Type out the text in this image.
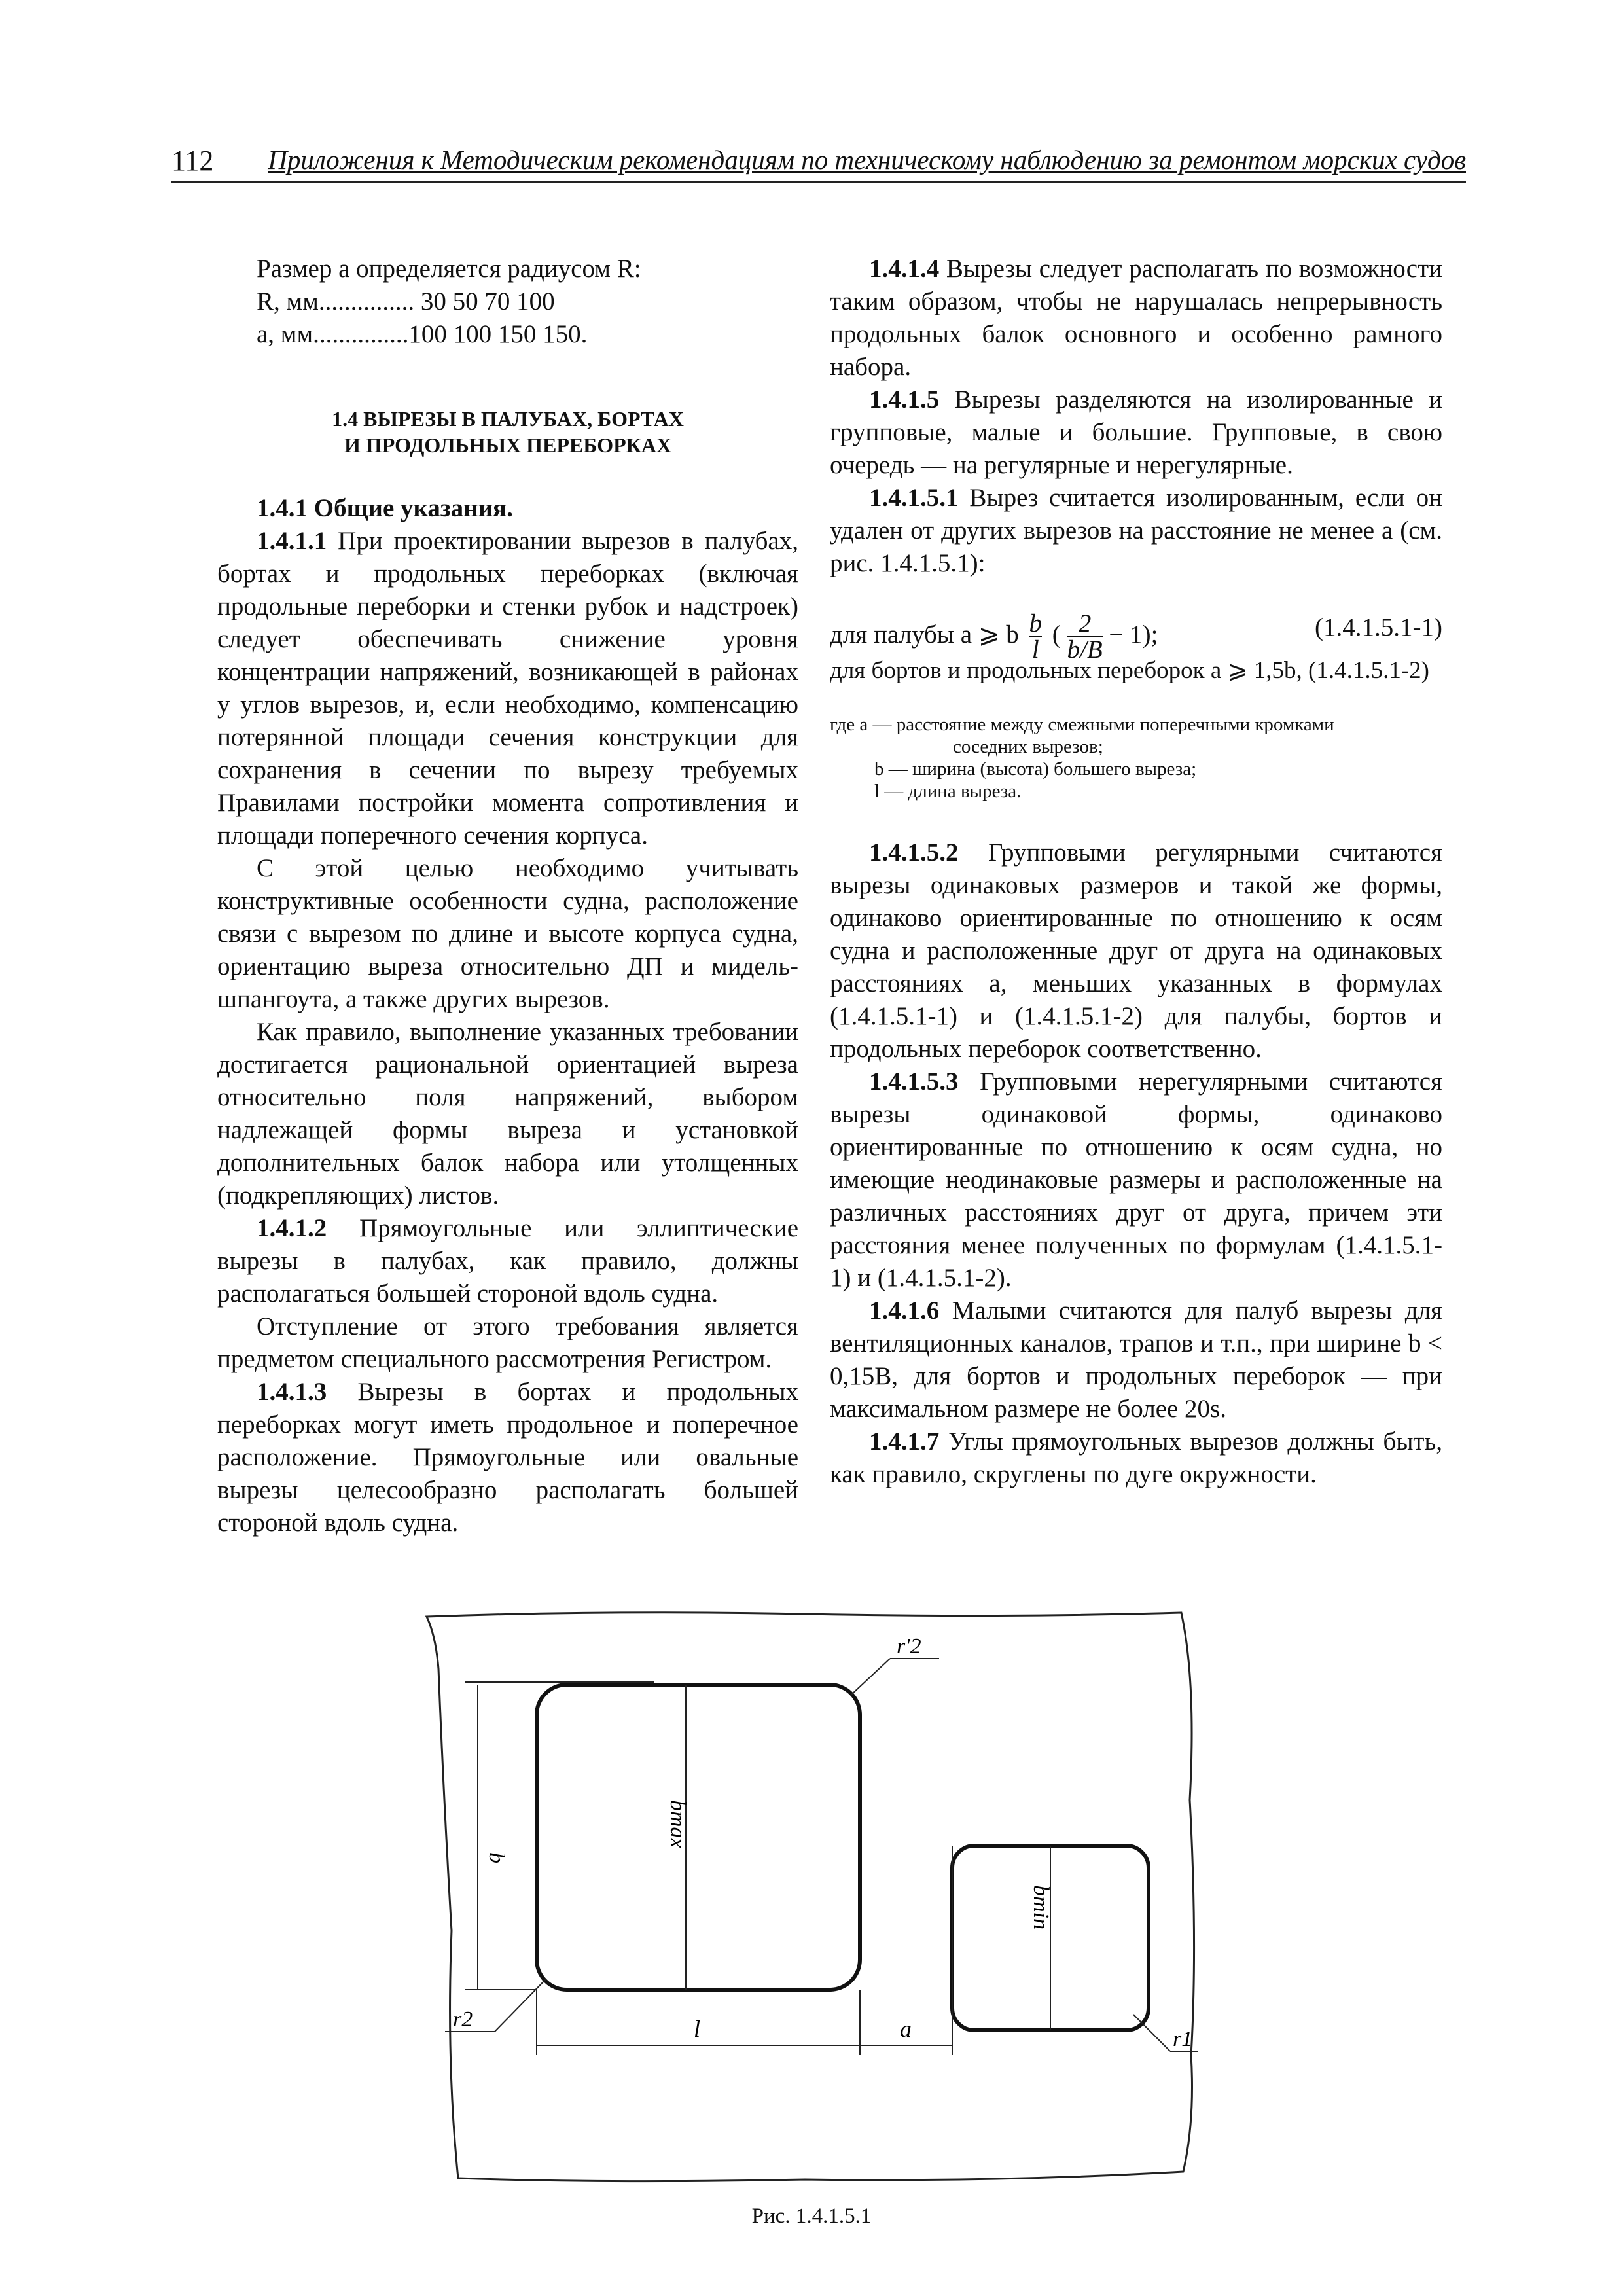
112 Приложения к Методическим рекомендациям по техническому наблюдению за ремонтом морских судов

Размер а определяется радиусом R:

R, мм............... 30 50 70 100

a, мм...............100 100 150 150.

1.4 ВЫРЕЗЫ В ПАЛУБАХ, БОРТАХ
И ПРОДОЛЬНЫХ ПЕРЕБОРКАХ

1.4.1 Общие указания.

1.4.1.1 При проектировании вырезов в палубах, бортах и продольных переборках (включая продольные переборки и стенки рубок и надстроек) следует обеспечивать снижение уровня концентрации напряжений, возникающей в районах у углов вырезов, и, если необходимо, компенсацию потерянной площади сечения конструкции для сохранения в сечении по вырезу требуемых Правилами постройки момента сопротивления и площади поперечного сечения корпуса.

С этой целью необходимо учитывать конструктивные особенности судна, расположение связи с вырезом по длине и высоте корпуса судна, ориентацию выреза относительно ДП и мидель-шпангоута, а также других вырезов.

Как правило, выполнение указанных требовании достигается рациональной ориентацией выреза относительно поля напряжений, выбором надлежащей формы выреза и установкой дополнительных балок набора или утолщенных (подкрепляющих) листов.

1.4.1.2 Прямоугольные или эллиптические вырезы в палубах, как правило, должны располагаться большей стороной вдоль судна.

Отступление от этого требования является предметом специального рассмотрения Регистром.

1.4.1.3 Вырезы в бортах и продольных переборках могут иметь продольное и поперечное расположение. Прямоугольные или овальные вырезы целесообразно располагать большей стороной вдоль судна.

1.4.1.4 Вырезы следует располагать по возможности таким образом, чтобы не нарушалась непрерывность продольных балок основного и особенно рамного набора.

1.4.1.5 Вырезы разделяются на изолированные и групповые, малые и большие. Групповые, в свою очередь — на регулярные и нерегулярные.

1.4.1.5.1 Вырез считается изолированным, если он удален от других вырезов на расстояние не менее a (см. рис. 1.4.1.5.1):

для палубы a ⩾ b $\frac{b}{l}$ ( $\frac{2}{b/B} - 1$);	(1.4.1.5.1-1)

для бортов и продольных переборок a ⩾ 1,5b, (1.4.1.5.1-2)

где a — расстояние между смежными поперечными кромками
соседних вырезов;
b — ширина (высота) большего выреза;
l — длина выреза.

1.4.1.5.2 Групповыми регулярными считаются вырезы одинаковых размеров и такой же формы, одинаково ориентированные по отношению к осям судна и расположенные друг от друга на одинаковых расстояниях а, меньших указанных в формулах (1.4.1.5.1-1) и (1.4.1.5.1-2) для палубы, бортов и продольных переборок соответственно.

1.4.1.5.3 Групповыми нерегулярными считаются вырезы одинаковой формы, одинаково ориентированные по отношению к осям судна, но имеющие неодинаковые размеры и расположенные на различных расстояниях друг от друга, причем эти расстояния менее полученных по формулам (1.4.1.5.1-1) и (1.4.1.5.1-2).

1.4.1.6 Малыми считаются для палуб вырезы для вентиляционных каналов, трапов и т.п., при ширине b < 0,15B, для бортов и продольных переборок — при максимальном размере не более 20s.

1.4.1.7 Углы прямоугольных вырезов должны быть, как правило, скруглены по дуге окружности.

b
bmax
bmin
r′2
r1
r2	l	a
Рис. 1.4.1.5.1
